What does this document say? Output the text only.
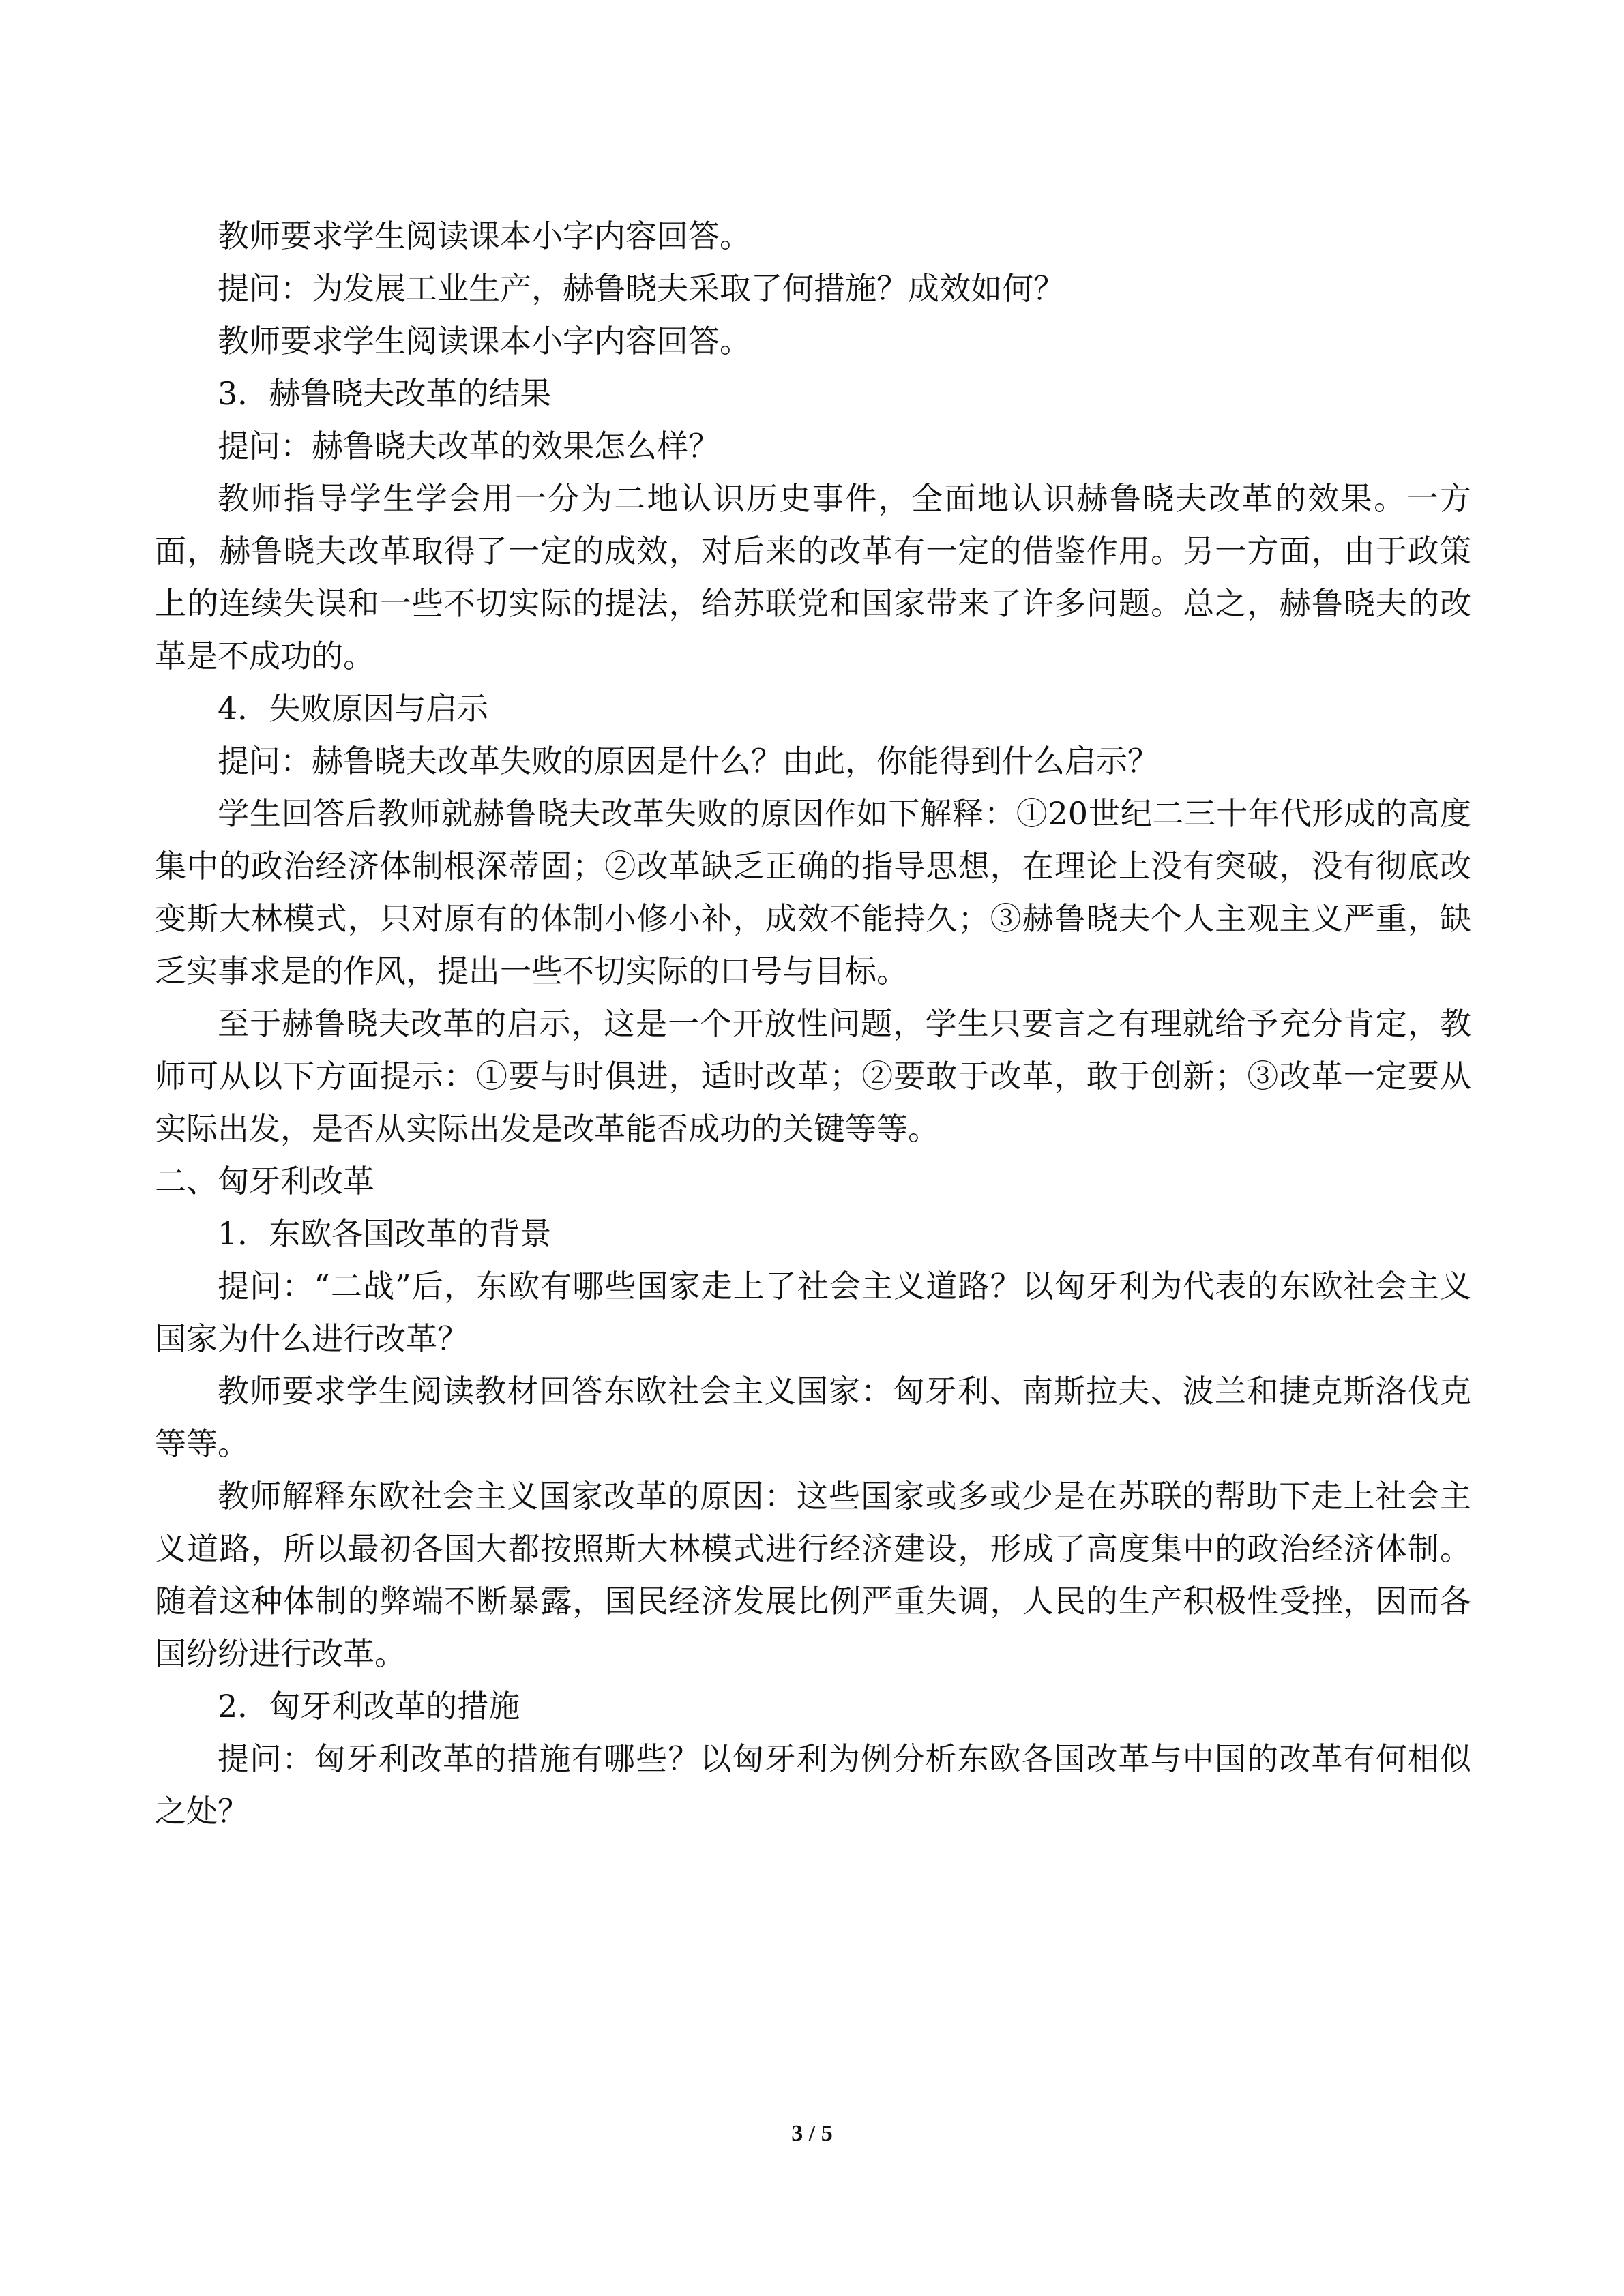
教师要求学生阅读课本小字内容回答。

提问：为发展工业生产，赫鲁晓夫采取了何措施？成效如何？

教师要求学生阅读课本小字内容回答。

3．赫鲁晓夫改革的结果

提问：赫鲁晓夫改革的效果怎么样？

教师指导学生学会用一分为二地认识历史事件，全面地认识赫鲁晓夫改革的效果。一方面，赫鲁晓夫改革取得了一定的成效，对后来的改革有一定的借鉴作用。另一方面，由于政策上的连续失误和一些不切实际的提法，给苏联党和国家带来了许多问题。总之，赫鲁晓夫的改革是不成功的。

4．失败原因与启示

提问：赫鲁晓夫改革失败的原因是什么？由此，你能得到什么启示？

学生回答后教师就赫鲁晓夫改革失败的原因作如下解释：①20世纪二三十年代形成的高度集中的政治经济体制根深蒂固；②改革缺乏正确的指导思想，在理论上没有突破，没有彻底改变斯大林模式，只对原有的体制小修小补，成效不能持久；③赫鲁晓夫个人主观主义严重，缺乏实事求是的作风，提出一些不切实际的口号与目标。

至于赫鲁晓夫改革的启示，这是一个开放性问题，学生只要言之有理就给予充分肯定，教师可从以下方面提示：①要与时俱进，适时改革；②要敢于改革，敢于创新；③改革一定要从实际出发，是否从实际出发是改革能否成功的关键等等。

二、匈牙利改革

1．东欧各国改革的背景

提问：“二战”后，东欧有哪些国家走上了社会主义道路？以匈牙利为代表的东欧社会主义国家为什么进行改革？

教师要求学生阅读教材回答东欧社会主义国家：匈牙利、南斯拉夫、波兰和捷克斯洛伐克等等。

教师解释东欧社会主义国家改革的原因：这些国家或多或少是在苏联的帮助下走上社会主义道路，所以最初各国大都按照斯大林模式进行经济建设，形成了高度集中的政治经济体制。随着这种体制的弊端不断暴露，国民经济发展比例严重失调，人民的生产积极性受挫，因而各国纷纷进行改革。

2．匈牙利改革的措施

提问：匈牙利改革的措施有哪些？以匈牙利为例分析东欧各国改革与中国的改革有何相似之处？

3 / 5
